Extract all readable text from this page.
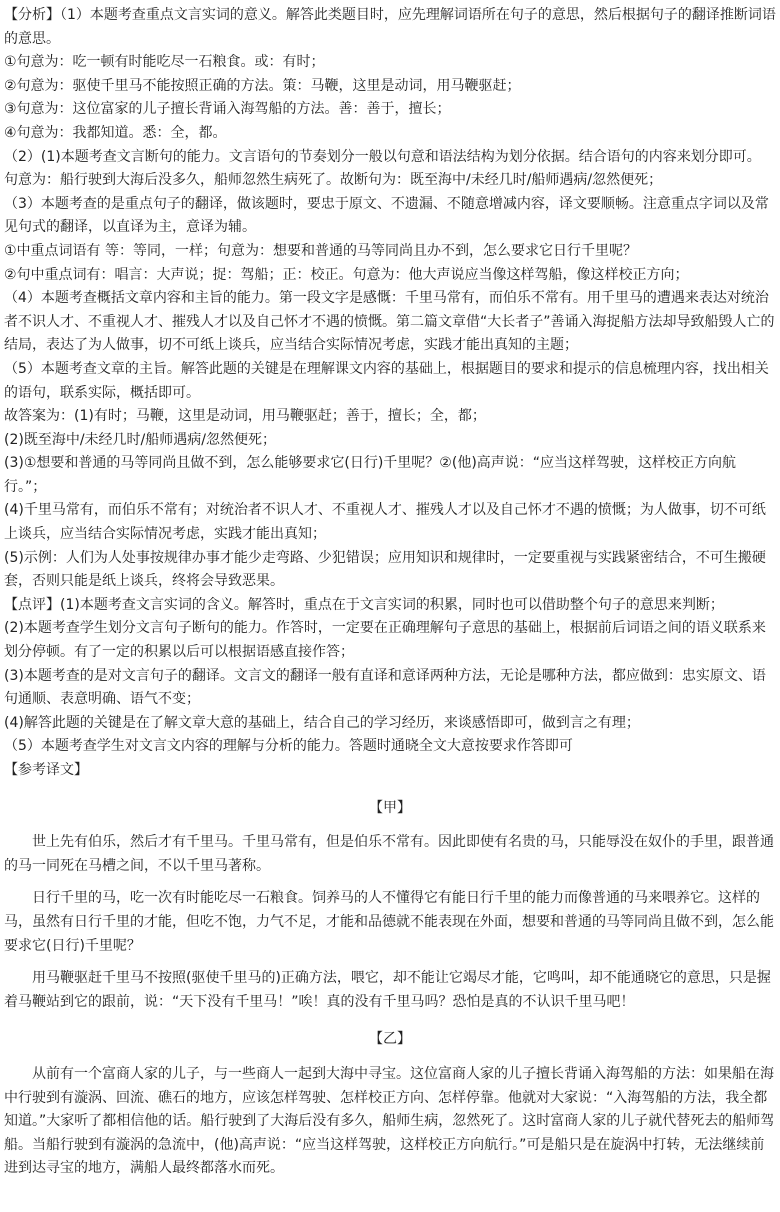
【分析】（1）本题考查重点文言实词的意义。解答此类题目时，应先理解词语所在句子的意思，然后根据句子的翻译推断词语的意思。

①句意为：吃一顿有时能吃尽一石粮食。或：有时；

②句意为：驱使千里马不能按照正确的方法。策：马鞭，这里是动词，用马鞭驱赶；

③句意为：这位富家的儿子擅长背诵入海驾船的方法。善：善于，擅长；

④句意为：我都知道。悉：全，都。

（2）(1)本题考查文言断句的能力。文言语句的节奏划分一般以句意和语法结构为划分依据。结合语句的内容来划分即可。

句意为：船行驶到大海后没多久，船师忽然生病死了。故断句为：既至海中/未经几时/船师遇病/忽然便死；

（3）本题考查的是重点句子的翻译，做该题时，要忠于原文、不遗漏、不随意增减内容，译文要顺畅。注意重点字词以及常见句式的翻译，以直译为主，意译为辅。

①中重点词语有 等：等同，一样；句意为：想要和普通的马等同尚且办不到，怎么要求它日行千里呢？

②句中重点词有：唱言：大声说；捉：驾船；正：校正。句意为：他大声说应当像这样驾船，像这样校正方向；

（4）本题考查概括文章内容和主旨的能力。第一段文字是感慨：千里马常有，而伯乐不常有。用千里马的遭遇来表达对统治者不识人才、不重视人才、摧残人才以及自己怀才不遇的愤慨。第二篇文章借“大长者子”善诵入海捉船方法却导致船毁人亡的结局，表达了为人做事，切不可纸上谈兵，应当结合实际情况考虑，实践才能出真知的主题；

（5）本题考查文章的主旨。解答此题的关键是在理解课文内容的基础上，根据题目的要求和提示的信息梳理内容，找出相关的语句，联系实际，概括即可。

故答案为：(1)有时；马鞭，这里是动词，用马鞭驱赶；善于，擅长；全，都；

(2)既至海中/未经几时/船师遇病/忽然便死；

(3)①想要和普通的马等同尚且做不到，怎么能够要求它(日行)千里呢？②(他)高声说：“应当这样驾驶，这样校正方向航行。”；

(4)千里马常有，而伯乐不常有；对统治者不识人才、不重视人才、摧残人才以及自己怀才不遇的愤慨；为人做事，切不可纸上谈兵，应当结合实际情况考虑，实践才能出真知；

(5)示例：人们为人处事按规律办事才能少走弯路、少犯错误；应用知识和规律时，一定要重视与实践紧密结合，不可生搬硬套，否则只能是纸上谈兵，终将会导致恶果。

【点评】(1)本题考查文言实词的含义。解答时，重点在于文言实词的积累，同时也可以借助整个句子的意思来判断；

(2)本题考查学生划分文言句子断句的能力。作答时，一定要在正确理解句子意思的基础上，根据前后词语之间的语义联系来划分停顿。有了一定的积累以后可以根据语感直接作答；

(3)本题考查的是对文言句子的翻译。文言文的翻译一般有直译和意译两种方法，无论是哪种方法，都应做到：忠实原文、语句通顺、表意明确、语气不变；

(4)解答此题的关键是在了解文章大意的基础上，结合自己的学习经历，来谈感悟即可，做到言之有理；

（5）本题考查学生对文言文内容的理解与分析的能力。答题时通晓全文大意按要求作答即可

【参考译文】

【甲】

世上先有伯乐，然后才有千里马。千里马常有，但是伯乐不常有。因此即使有名贵的马，只能辱没在奴仆的手里，跟普通的马一同死在马槽之间，不以千里马著称。

日行千里的马，吃一次有时能吃尽一石粮食。饲养马的人不懂得它有能日行千里的能力而像普通的马来喂养它。这样的马，虽然有日行千里的才能，但吃不饱，力气不足，才能和品德就不能表现在外面，想要和普通的马等同尚且做不到，怎么能要求它(日行)千里呢？

用马鞭驱赶千里马不按照(驱使千里马的)正确方法，喂它，却不能让它竭尽才能，它鸣叫，却不能通晓它的意思，只是握着马鞭站到它的跟前，说：“天下没有千里马！”唉！真的没有千里马吗？恐怕是真的不认识千里马吧！

【乙】

从前有一个富商人家的儿子，与一些商人一起到大海中寻宝。这位富商人家的儿子擅长背诵入海驾船的方法：如果船在海中行驶到有漩涡、回流、礁石的地方，应该怎样驾驶、怎样校正方向、怎样停靠。他就对大家说：“入海驾船的方法，我全都知道。”大家听了都相信他的话。船行驶到了大海后没有多久，船师生病，忽然死了。这时富商人家的儿子就代替死去的船师驾船。当船行驶到有漩涡的急流中，(他)高声说：“应当这样驾驶，这样校正方向航行。”可是船只是在旋涡中打转，无法继续前进到达寻宝的地方，满船人最终都落水而死。
